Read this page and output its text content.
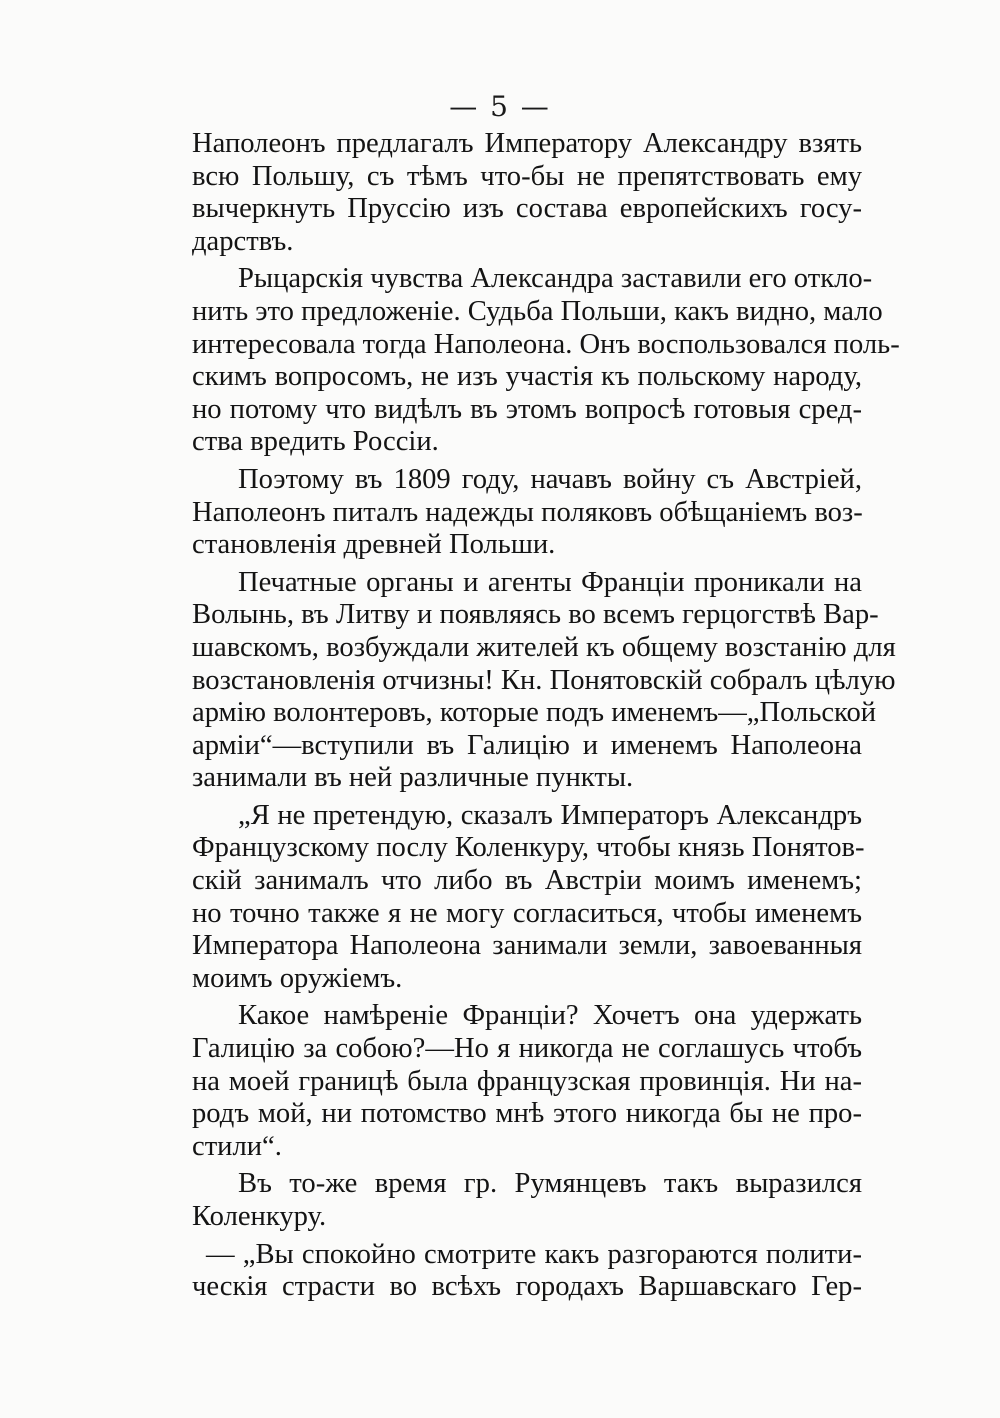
— 5 —
Наполеонъ предлагалъ Императору Александру взять
всю Польшу, съ тѣмъ что-бы не препятствовать ему
вычеркнуть Пруссію изъ состава европейскихъ госу-
дарствъ.
Рыцарскія чувства Александра заставили его откло-
нить это предложеніе. Судьба Польши, какъ видно, мало
интересовала тогда Наполеона. Онъ воспользовался поль-
скимъ вопросомъ, не изъ участія къ польскому народу,
но потому что видѣлъ въ этомъ вопросѣ готовыя сред-
ства вредить Россіи.
Поэтому въ 1809 году, начавъ войну съ Австріей,
Наполеонъ питалъ надежды поляковъ обѣщаніемъ воз-
становленія древней Польши.
Печатные органы и агенты Франціи проникали на
Волынь, въ Литву и появляясь во всемъ герцогствѣ Вар-
шавскомъ, возбуждали жителей къ общему возстанію для
возстановленія отчизны! Кн. Понятовскій собралъ цѣлую
армію волонтеровъ, которые подъ именемъ—„Польской
арміи“—вступили въ Галицію и именемъ Наполеона
занимали въ ней различные пункты.
„Я не претендую, сказалъ Императоръ Александръ
Французскому послу Коленкуру, чтобы князь Понятов-
скій занималъ что либо въ Австріи моимъ именемъ;
но точно также я не могу согласиться, чтобы именемъ
Императора Наполеона занимали земли, завоеванныя
моимъ оружіемъ.
Какое намѣреніе Франціи? Хочетъ она удержать
Галицію за собою?—Но я никогда не соглашусь чтобъ
на моей границѣ была французская провинція. Ни на-
родъ мой, ни потомство мнѣ этого никогда бы не про-
стили“.
Въ то-же время гр. Румянцевъ такъ выразился
Коленкуру.
— „Вы спокойно смотрите какъ разгораются полити-
ческія страсти во всѣхъ городахъ Варшавскаго Гер-
